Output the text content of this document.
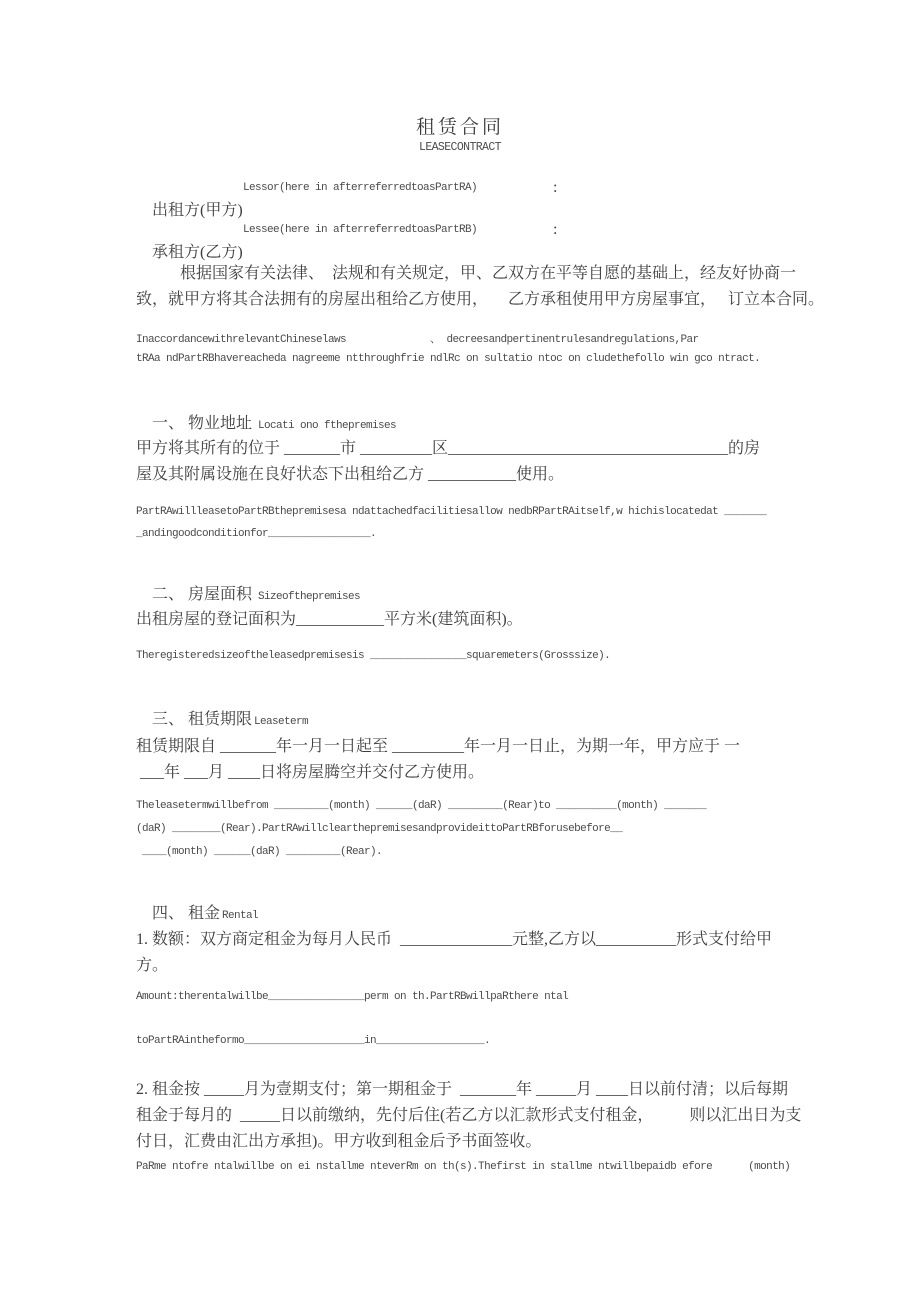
租赁合同
LEASECONTRACT

出租方(甲方)

Lessor(here in afterreferredtoasPartRA)

	:

承租方(乙方)

Lessee(here in afterreferredtoasPartRB)

	:

根据国家有关法律、  法规和有关规定，甲、乙双方在平等自愿的基础上，经友好协商一
致，就甲方将其合法拥有的房屋出租给乙方使用，     乙方承租使用甲方房屋事宜，   订立本合同。
InaccordancewithrelevantChineselaws              、 decreesandpertinentrulesandregulations,Par
tRAa ndPartRBhavereacheda nagreeme ntthroughfrie ndlRc on sultatio ntoc on cludethefollo win gco ntract.

一、 物业地址 Locati ono fthepremises

甲方将其所有的位于 _______市 _________区___________________________________的房
屋及其附属设施在良好状态下出租给乙方 ___________使用。
PartRAwillleasetoPartRBthepremisesa ndattachedfacilitiesallow nedbRPartRAitself,w hichislocatedat _______
_andingoodconditionfor_________________.

二、 房屋面积 Sizeofthepremises

出租房屋的登记面积为___________平方米(建筑面积)。
Theregisteredsizeoftheleasedpremisesis ________________squaremeters(Grosssize).

三、 租赁期限 Leaseterm

租赁期限自 _______年一月一日起至 _________年一月一日止，为期一年，甲方应于 一
___年 ___月 ____日将房屋腾空并交付乙方使用。
Theleasetermwillbefrom _________(month) ______(daR) _________(Rear)to __________(month) _______
(daR) ________(Rear).PartRAwillclearthepremisesandprovideittoPartRBforusebefore__
____(month) ______(daR) _________(Rear).

四、 租金 Rental

1. 数额：双方商定租金为每月人民币  ______________元整,乙方以__________形式支付给甲
方。
Amount:therentalwillbe________________perm on th.PartRBwillpaRthere ntal
toPartRAintheformo____________________in__________________.
2. 租金按 _____月为壹期支付；第一期租金于  _______年 _____月 ____日以前付清；以后每期
租金于每月的  _____日以前缴纳，先付后住(若乙方以汇款形式支付租金，         则以汇出日为支
付日，汇费由汇出方承担)。甲方收到租金后予书面签收。
PaRme ntofre ntalwillbe on ei nstallme nteverRm on th(s).Thefirst in stallme ntwillbepaidb efore      (month)
